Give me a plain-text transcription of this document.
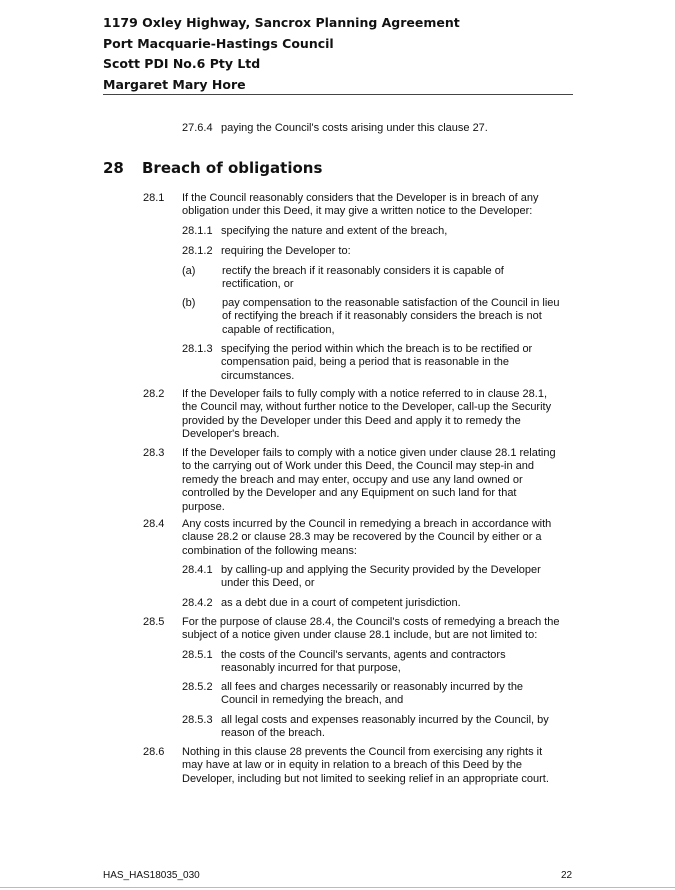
1179 Oxley Highway, Sancrox Planning Agreement
Port Macquarie-Hastings Council
Scott PDI No.6 Pty Ltd
Margaret Mary Hore
27.6.4 paying the Council's costs arising under this clause 27.
28 Breach of obligations
28.1 If the Council reasonably considers that the Developer is in breach of any
obligation under this Deed, it may give a written notice to the Developer:
28.1.1 specifying the nature and extent of the breach,
28.1.2 requiring the Developer to:
(a) rectify the breach if it reasonably considers it is capable of
rectification, or
(b) pay compensation to the reasonable satisfaction of the Council in lieu
of rectifying the breach if it reasonably considers the breach is not
capable of rectification,
28.1.3 specifying the period within which the breach is to be rectified or
compensation paid, being a period that is reasonable in the
circumstances.
28.2 If the Developer fails to fully comply with a notice referred to in clause 28.1,
the Council may, without further notice to the Developer, call-up the Security
provided by the Developer under this Deed and apply it to remedy the
Developer's breach.
28.3 If the Developer fails to comply with a notice given under clause 28.1 relating
to the carrying out of Work under this Deed, the Council may step-in and
remedy the breach and may enter, occupy and use any land owned or
controlled by the Developer and any Equipment on such land for that
purpose.
28.4 Any costs incurred by the Council in remedying a breach in accordance with
clause 28.2 or clause 28.3 may be recovered by the Council by either or a
combination of the following means:
28.4.1 by calling-up and applying the Security provided by the Developer
under this Deed, or
28.4.2 as a debt due in a court of competent jurisdiction.
28.5 For the purpose of clause 28.4, the Council's costs of remedying a breach the
subject of a notice given under clause 28.1 include, but are not limited to:
28.5.1 the costs of the Council's servants, agents and contractors
reasonably incurred for that purpose,
28.5.2 all fees and charges necessarily or reasonably incurred by the
Council in remedying the breach, and
28.5.3 all legal costs and expenses reasonably incurred by the Council, by
reason of the breach.
28.6 Nothing in this clause 28 prevents the Council from exercising any rights it
may have at law or in equity in relation to a breach of this Deed by the
Developer, including but not limited to seeking relief in an appropriate court.
HAS_HAS18035_030	22
